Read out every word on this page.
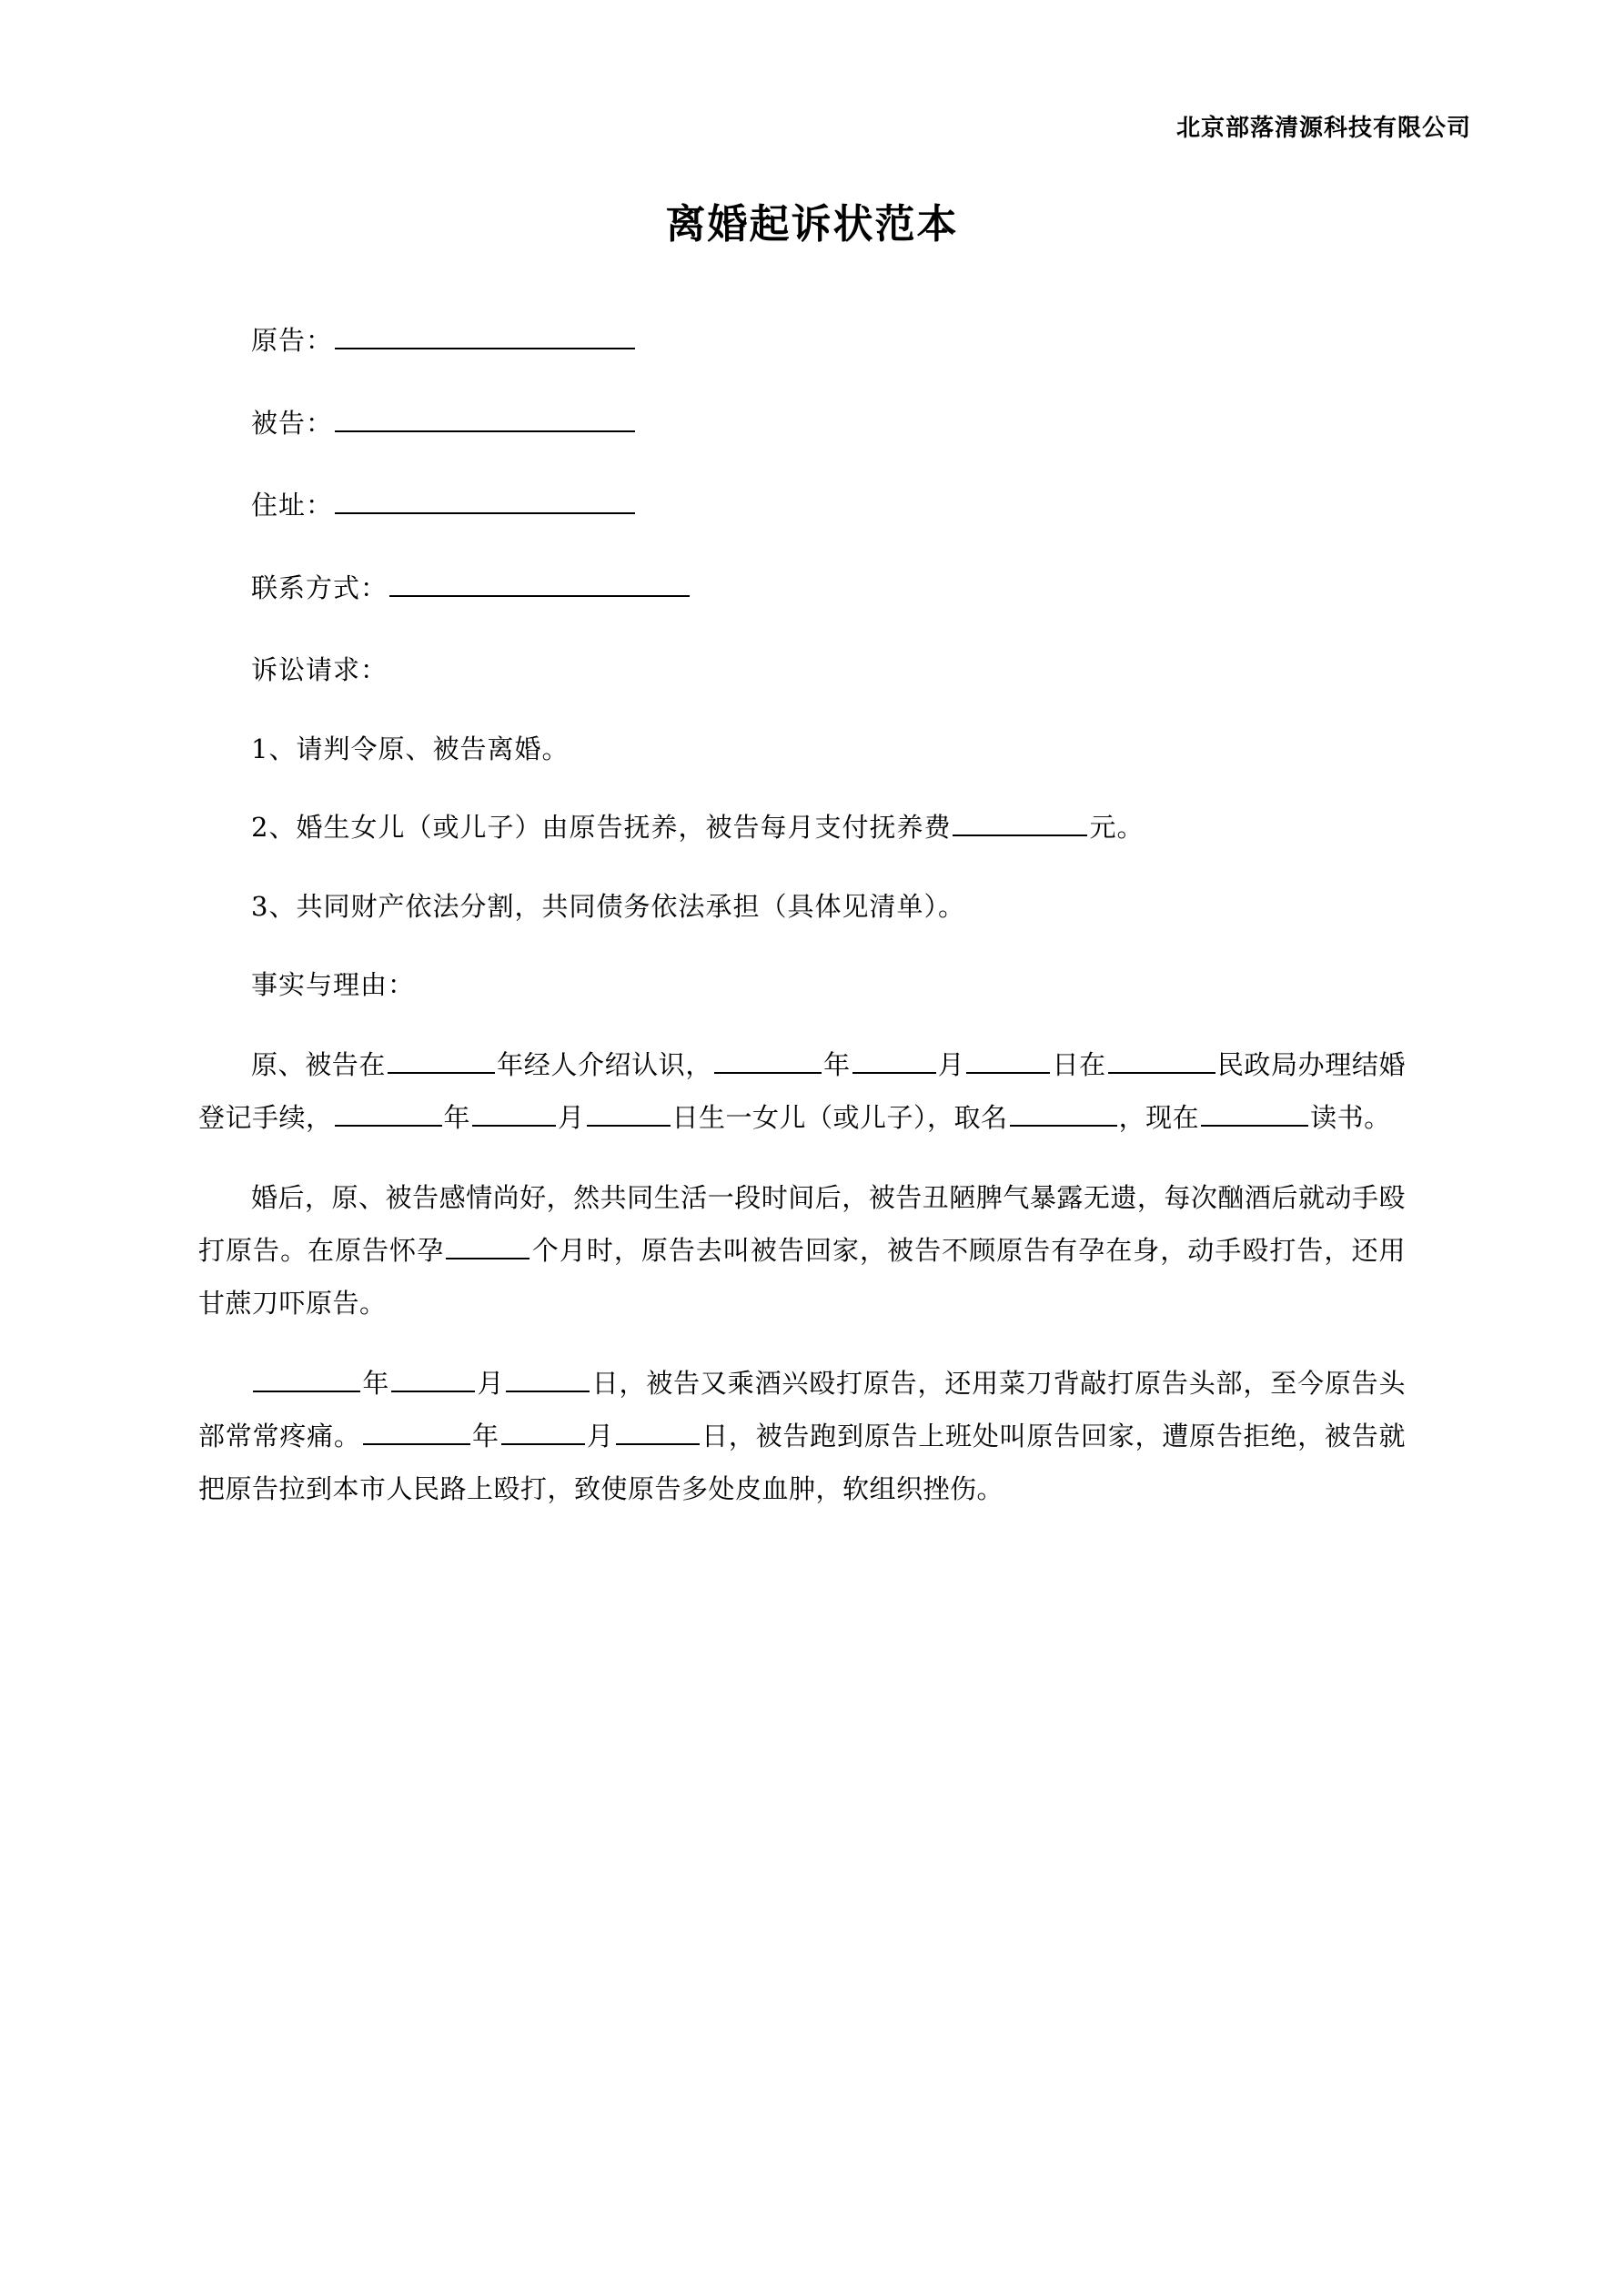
北京部落清源科技有限公司
离婚起诉状范本

原告：

被告：

住址：

联系方式：

诉讼请求：

1、请判令原、被告离婚。

2、婚生女儿（或儿子）由原告抚养，被告每月支付抚养费	元。

3、共同财产依法分割，共同债务依法承担（具体见清单）。

事实与理由：

原、被告在	年经人介绍认识，	年	月	日在	民政局办理结婚登记手续，	年	月	日生一女儿（或儿子），取名	，现在	读书。

婚后，原、被告感情尚好，然共同生活一段时间后，被告丑陋脾气暴露无遗，每次酗酒后就动手殴打原告。在原告怀孕	个月时，原告去叫被告回家，被告不顾原告有孕在身，动手殴打告，还用甘蔗刀吓原告。

年	月	日，被告又乘酒兴殴打原告，还用菜刀背敲打原告头部，至今原告头部常常疼痛。	年	月	日，被告跑到原告上班处叫原告回家，遭原告拒绝，被告就把原告拉到本市人民路上殴打，致使原告多处皮血肿，软组织挫伤。
